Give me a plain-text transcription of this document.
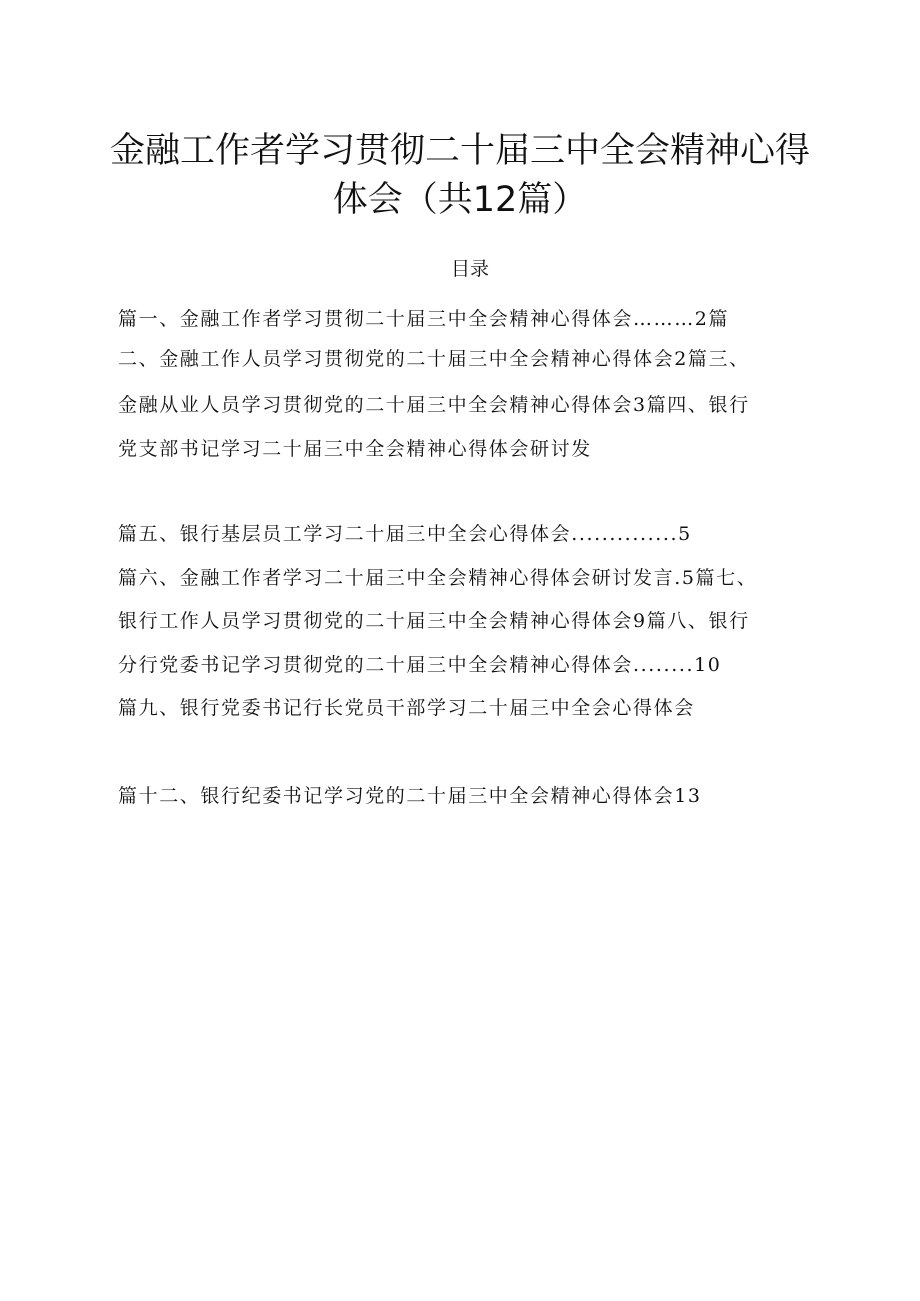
金融工作者学习贯彻二十届三中全会精神心得
体会（共12篇）
目录
篇一、金融工作者学习贯彻二十届三中全会精神心得体会………2篇
二、金融工作人员学习贯彻党的二十届三中全会精神心得体会2篇三、
金融从业人员学习贯彻党的二十届三中全会精神心得体会3篇四、银行
党支部书记学习二十届三中全会精神心得体会研讨发
篇五、银行基层员工学习二十届三中全会心得体会..............5
篇六、金融工作者学习二十届三中全会精神心得体会研讨发言.5篇七、
银行工作人员学习贯彻党的二十届三中全会精神心得体会9篇八、银行
分行党委书记学习贯彻党的二十届三中全会精神心得体会........10
篇九、银行党委书记行长党员干部学习二十届三中全会心得体会
篇十二、银行纪委书记学习党的二十届三中全会精神心得体会13
